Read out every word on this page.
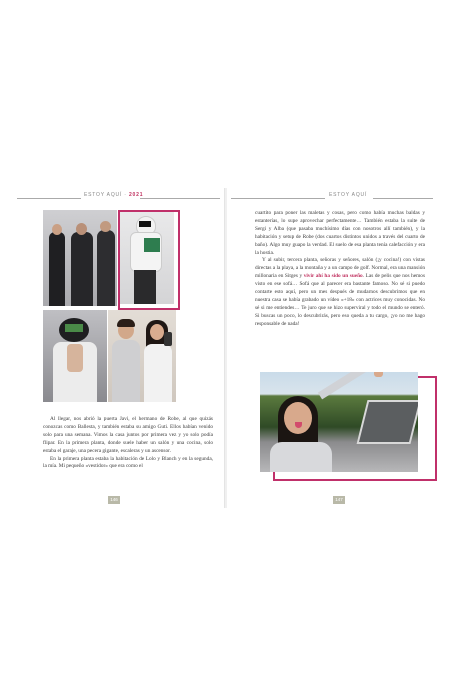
ESTOY AQUÍ · 2021

Al llegar, nos abrió la puerta Javi, el hermano de Robe, al que quizás conozcas como Ballesta, y también estaba su amigo Guti. Ellos habían venido solo para una semana. Vimos la casa juntos por primera vez y yo solo podía flipar. En la primera planta, donde suele haber un salón y una cocina, solo estaba el garaje, una pecera gigante, escaleras y un ascensor.

En la primera planta estaba la habitación de Lolo y Blanch y en la segunda, la mía. Mi pequeño «vestidor» que era como el

146
ESTOY AQUÍ

cuartito para poner las maletas y cosas, pero como había muchas baldas y estanterías, lo supe aprovechar perfectamente… También estaba la suite de Sergi y Alba (que pasaba muchísimo días con nosotros allí también), y la habitación y setup de Robe (dos cuartos distintos unidos a través del cuarto de baño). Algo muy guapo la verdad. El suelo de esa planta tenía calefacción y era la hostia.

Y al subir, tercera planta, señoras y señores, salón (¡y cocina!) con vistas directas a la playa, a la montaña y a un campo de golf. Normal, era una mansión millonaria en Sitges y vivir ahí ha sido un sueño. Las de pelis que nos hemos visto en ese sofá… Sofá que al parecer era bastante famoso. No sé si puedo contarte esto aquí, pero un mes después de mudarnos descubrimos que en nuestra casa se había grabado un vídeo «+18» con actrices muy conocidas. No sé si me entiendes… Te juro que se hizo superviral y todo el mundo se enteró. Si buscas un poco, lo descubrirás, pero eso queda a tu cargo, ¡yo no me hago responsable de nada!

147
